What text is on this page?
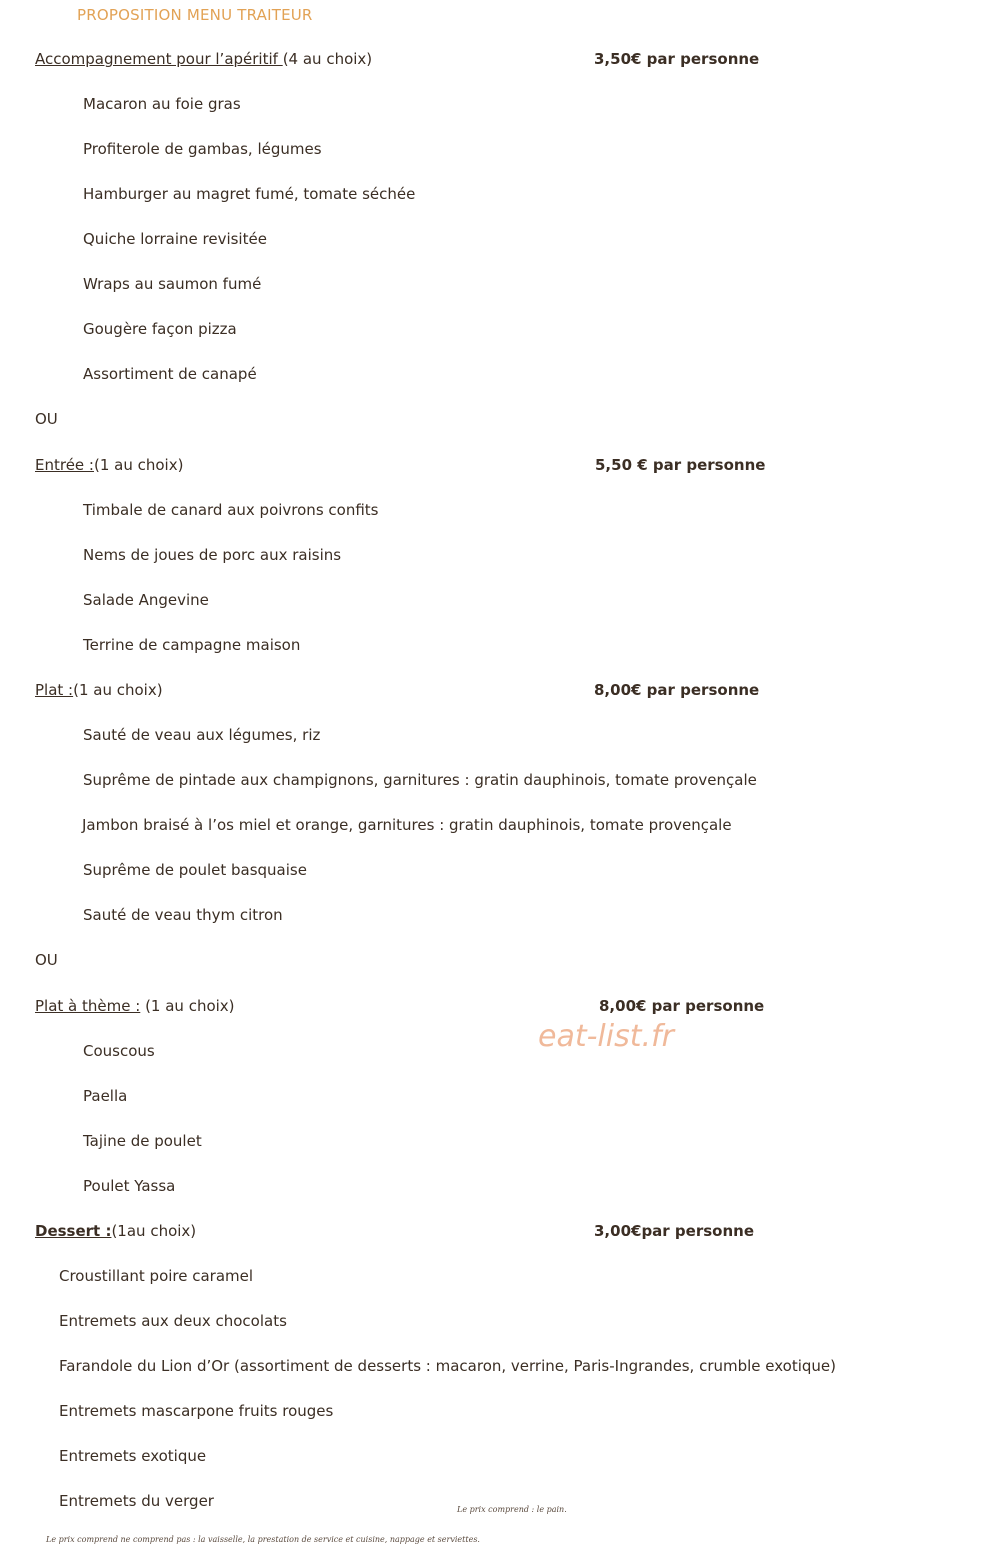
PROPOSITION MENU TRAITEUR
Accompagnement pour l’apéritif (4 au choix)	3,50€ par personne
Macaron au foie gras
Profiterole de gambas, légumes
Hamburger au magret fumé, tomate séchée
Quiche lorraine revisitée
Wraps au saumon fumé
Gougère façon pizza
Assortiment de canapé
OU
Entrée :(1 au choix)	5,50 € par personne
Timbale de canard aux poivrons confits
Nems de joues de porc aux raisins
Salade Angevine
Terrine de campagne maison
Plat :(1 au choix)	8,00€ par personne
Sauté de veau aux légumes, riz
Suprême de pintade aux champignons, garnitures : gratin dauphinois, tomate provençale
Jambon braisé à l’os miel et orange, garnitures : gratin dauphinois, tomate provençale
Suprême de poulet basquaise
Sauté de veau thym citron
OU
Plat à thème : (1 au choix)	8,00€ par personne
eat-list.fr
Couscous
Paella
Tajine de poulet
Poulet Yassa
Dessert :(1au choix)	3,00€par personne
Croustillant poire caramel
Entremets aux deux chocolats
Farandole du Lion d’Or (assortiment de desserts : macaron, verrine, Paris-Ingrandes, crumble exotique)
Entremets mascarpone fruits rouges
Entremets exotique
Entremets du verger	Le prix comprend : le pain.
Le prix comprend ne comprend pas : la vaisselle, la prestation de service et cuisine, nappage et serviettes.
